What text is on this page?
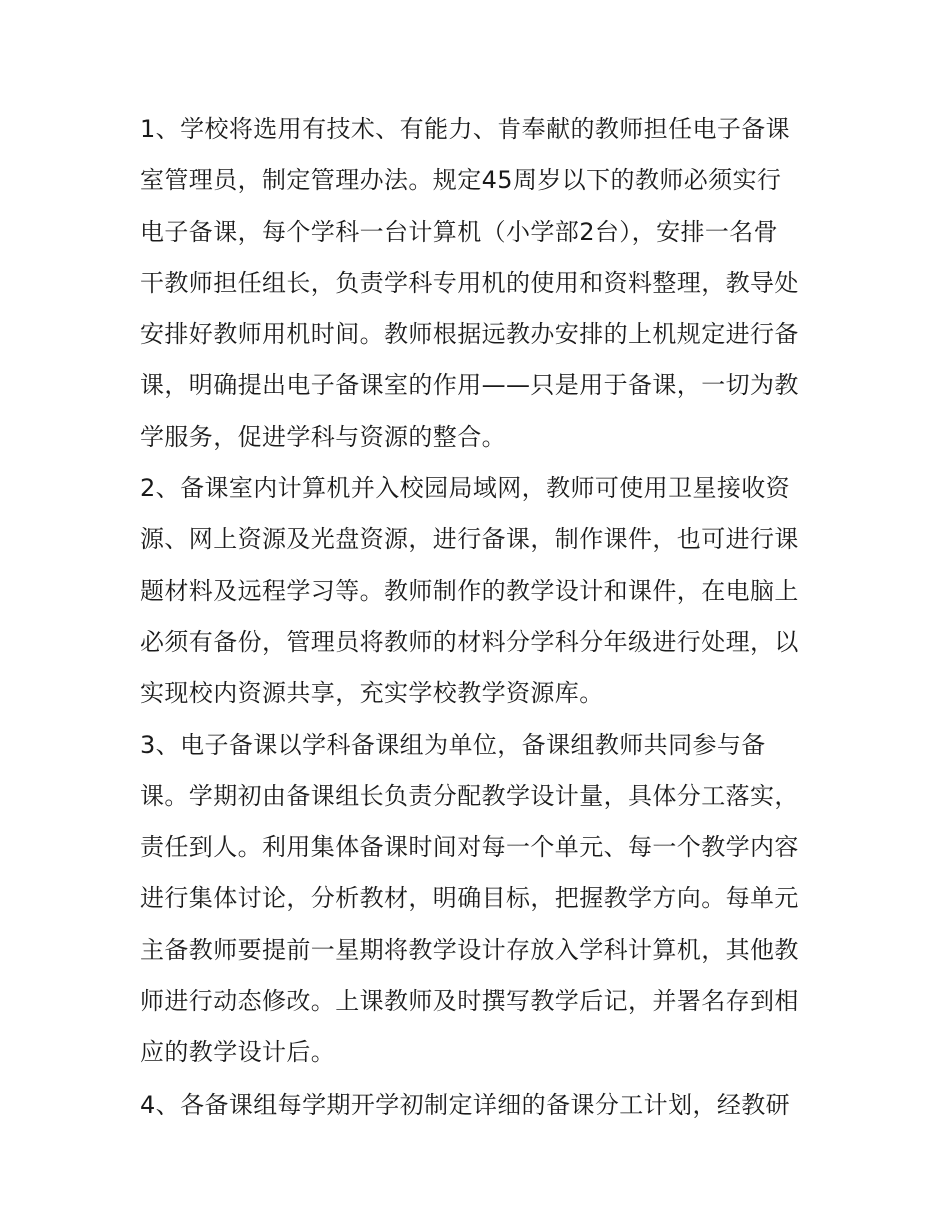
1、学校将选用有技术、有能力、肯奉献的教师担任电子备课
室管理员，制定管理办法。规定45周岁以下的教师必须实行
电子备课，每个学科一台计算机（小学部2台），安排一名骨
干教师担任组长，负责学科专用机的使用和资料整理，教导处
安排好教师用机时间。教师根据远教办安排的上机规定进行备
课，明确提出电子备课室的作用——只是用于备课，一切为教
学服务，促进学科与资源的整合。
2、备课室内计算机并入校园局域网，教师可使用卫星接收资
源、网上资源及光盘资源，进行备课，制作课件，也可进行课
题材料及远程学习等。教师制作的教学设计和课件，在电脑上
必须有备份，管理员将教师的材料分学科分年级进行处理，以
实现校内资源共享，充实学校教学资源库。
3、电子备课以学科备课组为单位，备课组教师共同参与备
课。学期初由备课组长负责分配教学设计量，具体分工落实，
责任到人。利用集体备课时间对每一个单元、每一个教学内容
进行集体讨论，分析教材，明确目标，把握教学方向。每单元
主备教师要提前一星期将教学设计存放入学科计算机，其他教
师进行动态修改。上课教师及时撰写教学后记，并署名存到相
应的教学设计后。
4、各备课组每学期开学初制定详细的备课分工计划，经教研
